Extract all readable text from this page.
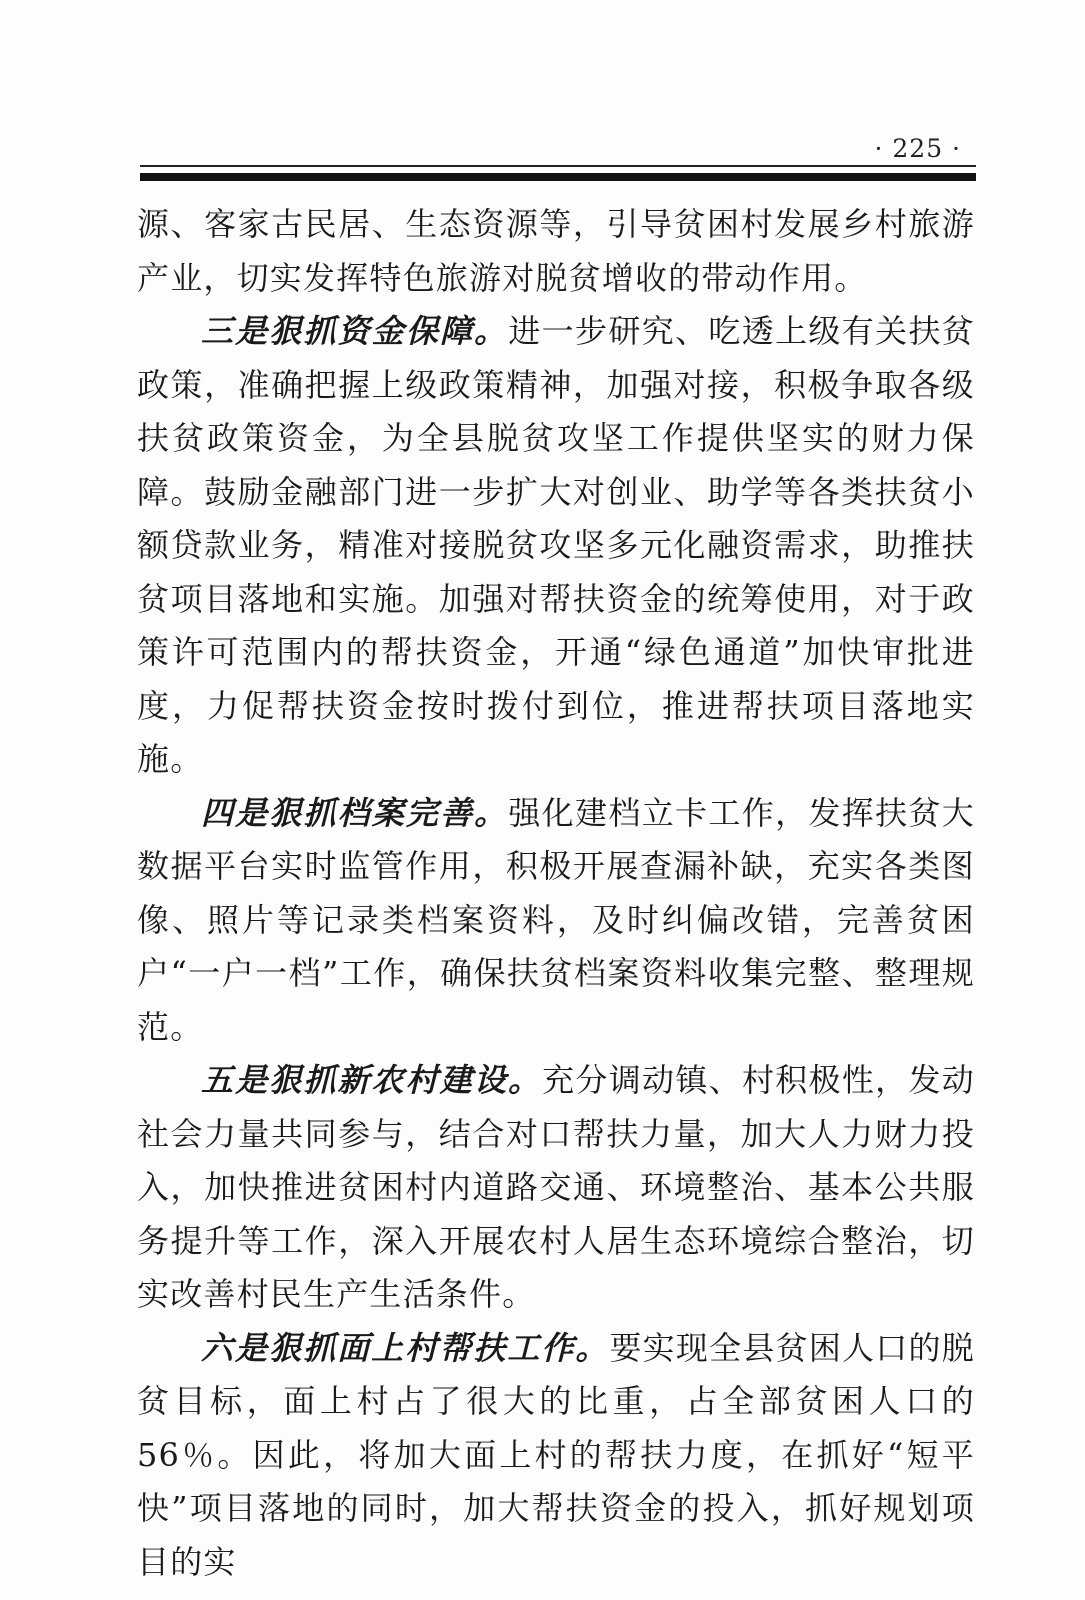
· 225 ·

源、客家古民居、生态资源等，引导贫困村发展乡村旅游产业，切实发挥特色旅游对脱贫增收的带动作用。

三是狠抓资金保障。进一步研究、吃透上级有关扶贫政策，准确把握上级政策精神，加强对接，积极争取各级扶贫政策资金，为全县脱贫攻坚工作提供坚实的财力保障。鼓励金融部门进一步扩大对创业、助学等各类扶贫小额贷款业务，精准对接脱贫攻坚多元化融资需求，助推扶贫项目落地和实施。加强对帮扶资金的统筹使用，对于政策许可范围内的帮扶资金，开通“绿色通道”加快审批进度，力促帮扶资金按时拨付到位，推进帮扶项目落地实施。

四是狠抓档案完善。强化建档立卡工作，发挥扶贫大数据平台实时监管作用，积极开展查漏补缺，充实各类图像、照片等记录类档案资料，及时纠偏改错，完善贫困户“一户一档”工作，确保扶贫档案资料收集完整、整理规范。

五是狠抓新农村建设。充分调动镇、村积极性，发动社会力量共同参与，结合对口帮扶力量，加大人力财力投入，加快推进贫困村内道路交通、环境整治、基本公共服务提升等工作，深入开展农村人居生态环境综合整治，切实改善村民生产生活条件。

六是狠抓面上村帮扶工作。要实现全县贫困人口的脱贫目标，面上村占了很大的比重，占全部贫困人口的56％。因此，将加大面上村的帮扶力度，在抓好“短平快”项目落地的同时，加大帮扶资金的投入，抓好规划项目的实
